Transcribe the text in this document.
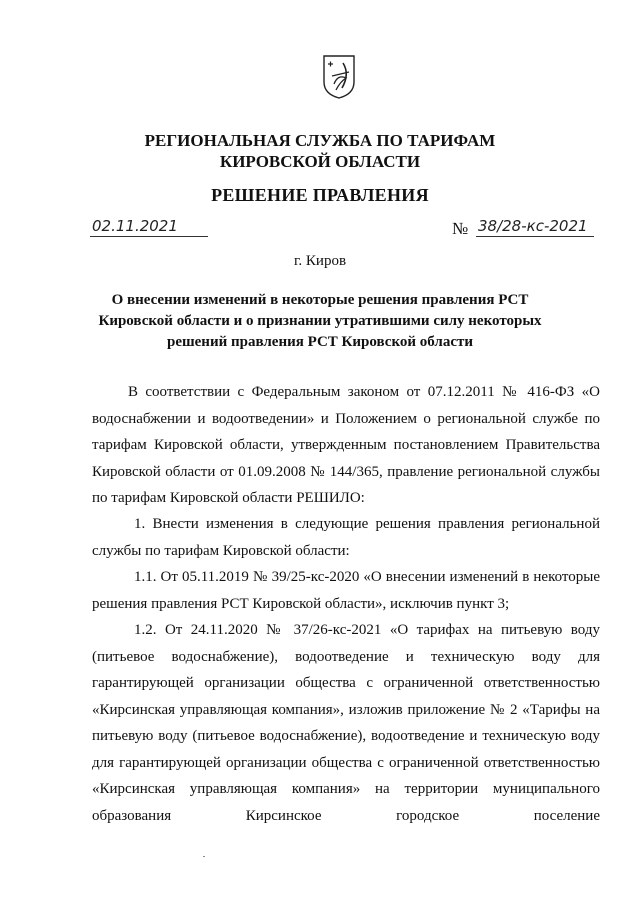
РЕГИОНАЛЬНАЯ СЛУЖБА ПО ТАРИФАМ
КИРОВСКОЙ ОБЛАСТИ
РЕШЕНИЕ ПРАВЛЕНИЯ
02.11.2021	№ 38/28-кс-2021
г. Киров
О внесении изменений в некоторые решения правления РСТ
Кировской области и о признании утратившими силу некоторых
решений правления РСТ Кировской области
В соответствии с Федеральным законом от 07.12.2011 № 416-ФЗ «О водоснабжении и водоотведении» и Положением о региональной службе по тарифам Кировской области, утвержденным постановлением Правительства Кировской области от 01.09.2008 № 144/365, правление региональной службы по тарифам Кировской области РЕШИЛО:
1. Внести изменения в следующие решения правления региональной службы по тарифам Кировской области:
1.1. От 05.11.2019 № 39/25-кс-2020 «О внесении изменений в некоторые решения правления РСТ Кировской области», исключив пункт 3;
1.2. От 24.11.2020 № 37/26-кс-2021 «О тарифах на питьевую воду (питьевое водоснабжение), водоотведение и техническую воду для гарантирующей организации общества с ограниченной ответственностью «Кирсинская управляющая компания», изложив приложение № 2 «Тарифы на питьевую воду (питьевое водоснабжение), водоотведение и техническую воду для гарантирующей организации общества с ограниченной ответственностью «Кирсинская управляющая компания» на территории муниципального образования Кирсинское городское поселение
